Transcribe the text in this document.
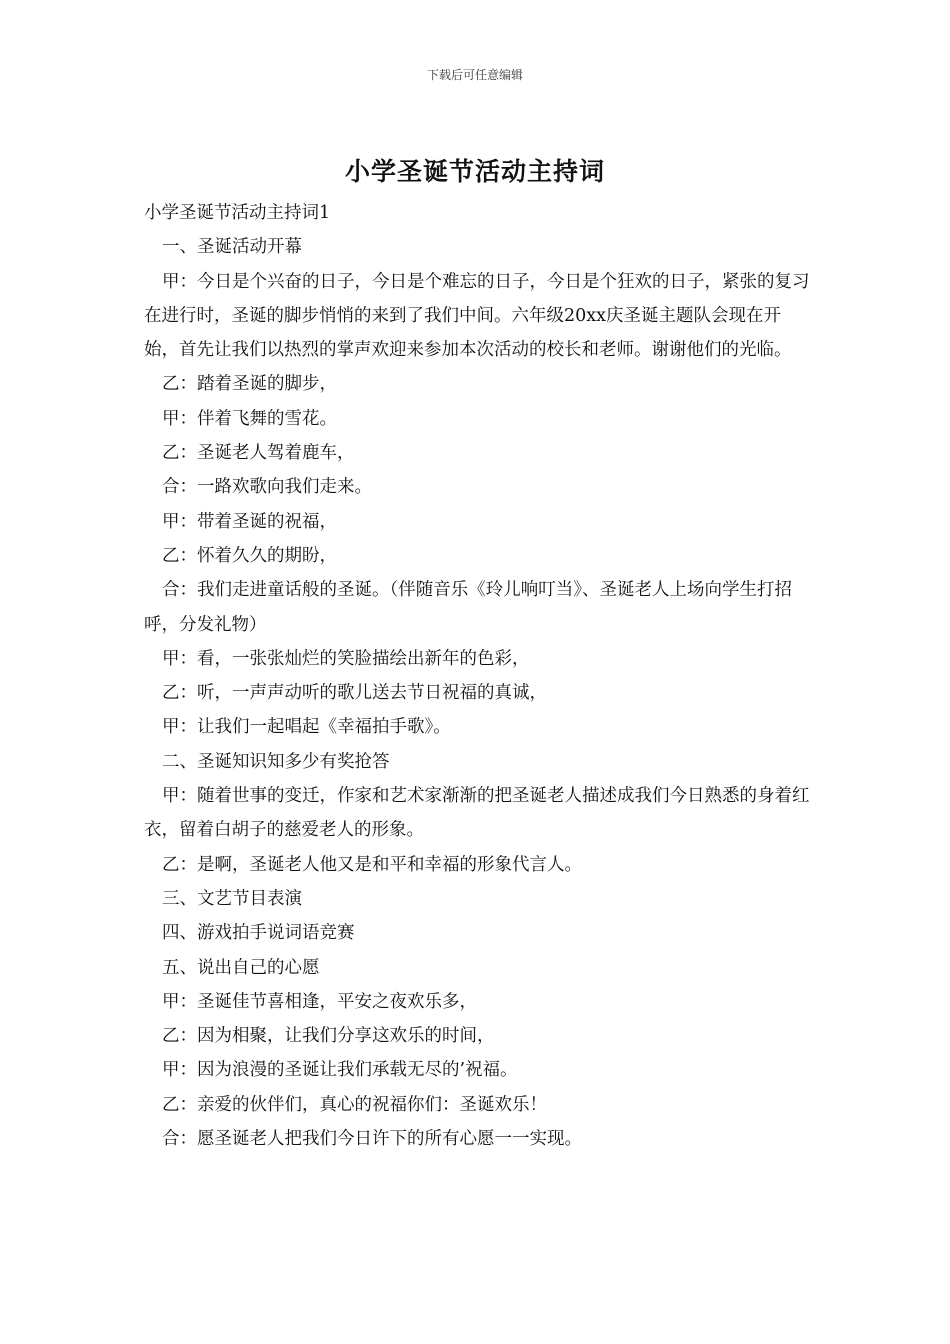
下载后可任意编辑
小学圣诞节活动主持词

小学圣诞节活动主持词1

一、圣诞活动开幕

甲：今日是个兴奋的日子，今日是个难忘的日子，今日是个狂欢的日子，紧张的复习在进行时，圣诞的脚步悄悄的来到了我们中间。六年级20xx庆圣诞主题队会现在开始，首先让我们以热烈的掌声欢迎来参加本次活动的校长和老师。谢谢他们的光临。

乙：踏着圣诞的脚步，

甲：伴着飞舞的雪花。

乙：圣诞老人驾着鹿车，

合：一路欢歌向我们走来。

甲：带着圣诞的祝福，

乙：怀着久久的期盼，

合：我们走进童话般的圣诞。（伴随音乐《玲儿响叮当》、圣诞老人上场向学生打招呼，分发礼物）

甲：看，一张张灿烂的笑脸描绘出新年的色彩，

乙：听，一声声动听的歌儿送去节日祝福的真诚，

甲：让我们一起唱起《幸福拍手歌》。

二、圣诞知识知多少有奖抢答

甲：随着世事的变迁，作家和艺术家渐渐的把圣诞老人描述成我们今日熟悉的身着红衣，留着白胡子的慈爱老人的形象。

乙：是啊，圣诞老人他又是和平和幸福的形象代言人。

三、文艺节目表演

四、游戏拍手说词语竞赛

五、说出自己的心愿

甲：圣诞佳节喜相逢，平安之夜欢乐多，

乙：因为相聚，让我们分享这欢乐的时间，

甲：因为浪漫的圣诞让我们承载无尽的’祝福。

乙：亲爱的伙伴们，真心的祝福你们：圣诞欢乐！

合：愿圣诞老人把我们今日许下的所有心愿一一实现。
